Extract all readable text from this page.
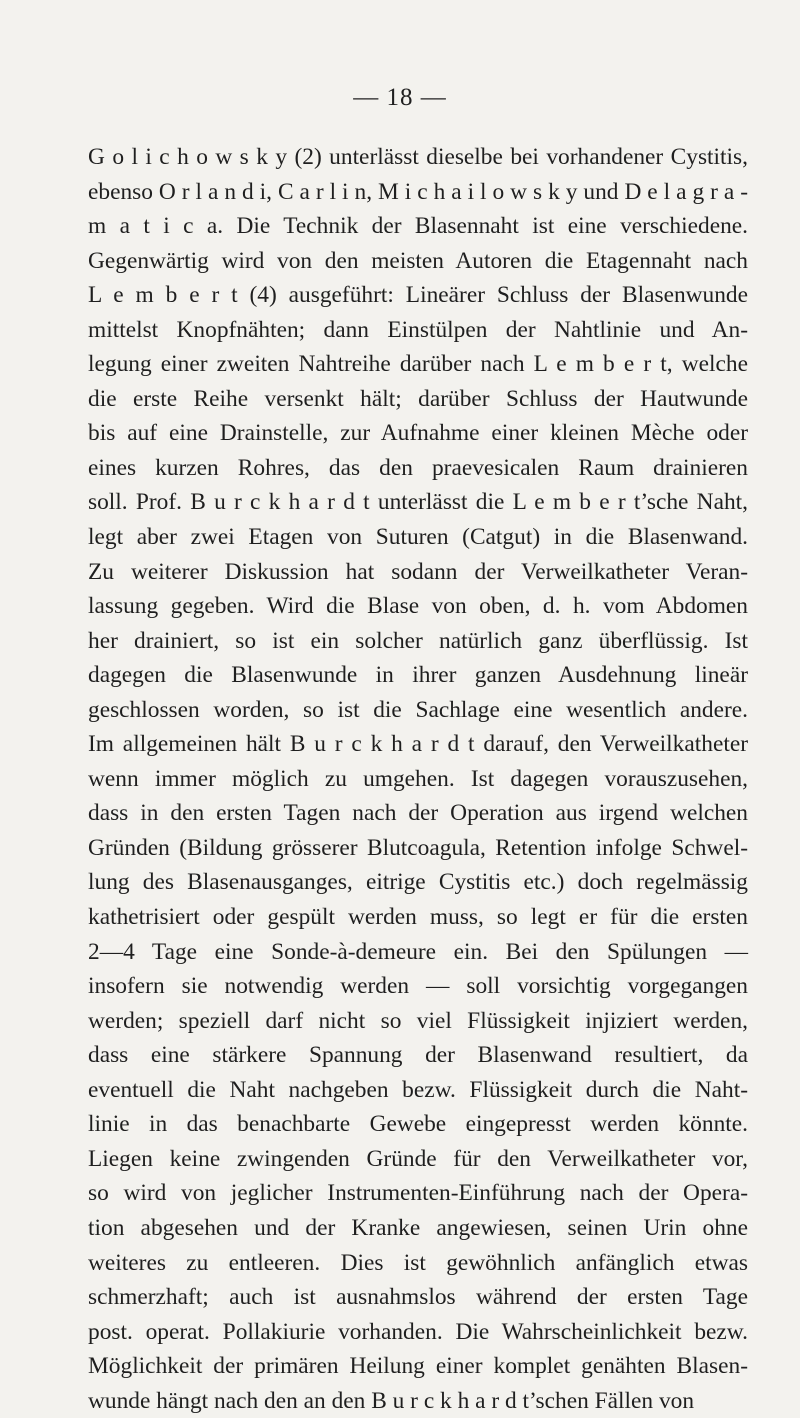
— 18 —
G o l i c h o w s k y (2) unterlässt dieselbe bei vorhandener Cystitis,
ebenso O r l a n d i, C a r l i n, M i c h a i l o w s k y und D e l a g r a -
m a t i c a. Die Technik der Blasennaht ist eine verschiedene.
Gegenwärtig wird von den meisten Autoren die Etagennaht nach
L e m b e r t (4) ausgeführt: Lineärer Schluss der Blasenwunde
mittelst Knopfnähten; dann Einstülpen der Nahtlinie und An-
legung einer zweiten Nahtreihe darüber nach L e m b e r t, welche
die erste Reihe versenkt hält; darüber Schluss der Hautwunde
bis auf eine Drainstelle, zur Aufnahme einer kleinen Mèche oder
eines kurzen Rohres, das den praevesicalen Raum drainieren
soll. Prof. B u r c k h a r d t unterlässt die L e m b e r t’sche Naht,
legt aber zwei Etagen von Suturen (Catgut) in die Blasenwand.
Zu weiterer Diskussion hat sodann der Verweilkatheter Veran-
lassung gegeben. Wird die Blase von oben, d. h. vom Abdomen
her drainiert, so ist ein solcher natürlich ganz überflüssig. Ist
dagegen die Blasenwunde in ihrer ganzen Ausdehnung lineär
geschlossen worden, so ist die Sachlage eine wesentlich andere.
Im allgemeinen hält B u r c k h a r d t darauf, den Verweilkatheter
wenn immer möglich zu umgehen. Ist dagegen vorauszusehen,
dass in den ersten Tagen nach der Operation aus irgend welchen
Gründen (Bildung grösserer Blutcoagula, Retention infolge Schwel-
lung des Blasenausganges, eitrige Cystitis etc.) doch regelmässig
kathetrisiert oder gespült werden muss, so legt er für die ersten
2—4 Tage eine Sonde-à-demeure ein. Bei den Spülungen —
insofern sie notwendig werden — soll vorsichtig vorgegangen
werden; speziell darf nicht so viel Flüssigkeit injiziert werden,
dass eine stärkere Spannung der Blasenwand resultiert, da
eventuell die Naht nachgeben bezw. Flüssigkeit durch die Naht-
linie in das benachbarte Gewebe eingepresst werden könnte.
Liegen keine zwingenden Gründe für den Verweilkatheter vor,
so wird von jeglicher Instrumenten-Einführung nach der Opera-
tion abgesehen und der Kranke angewiesen, seinen Urin ohne
weiteres zu entleeren. Dies ist gewöhnlich anfänglich etwas
schmerzhaft; auch ist ausnahmslos während der ersten Tage
post. operat. Pollakiurie vorhanden. Die Wahrscheinlichkeit bezw.
Möglichkeit der primären Heilung einer komplet genähten Blasen-
wunde hängt nach den an den B u r c k h a r d t’schen Fällen von
